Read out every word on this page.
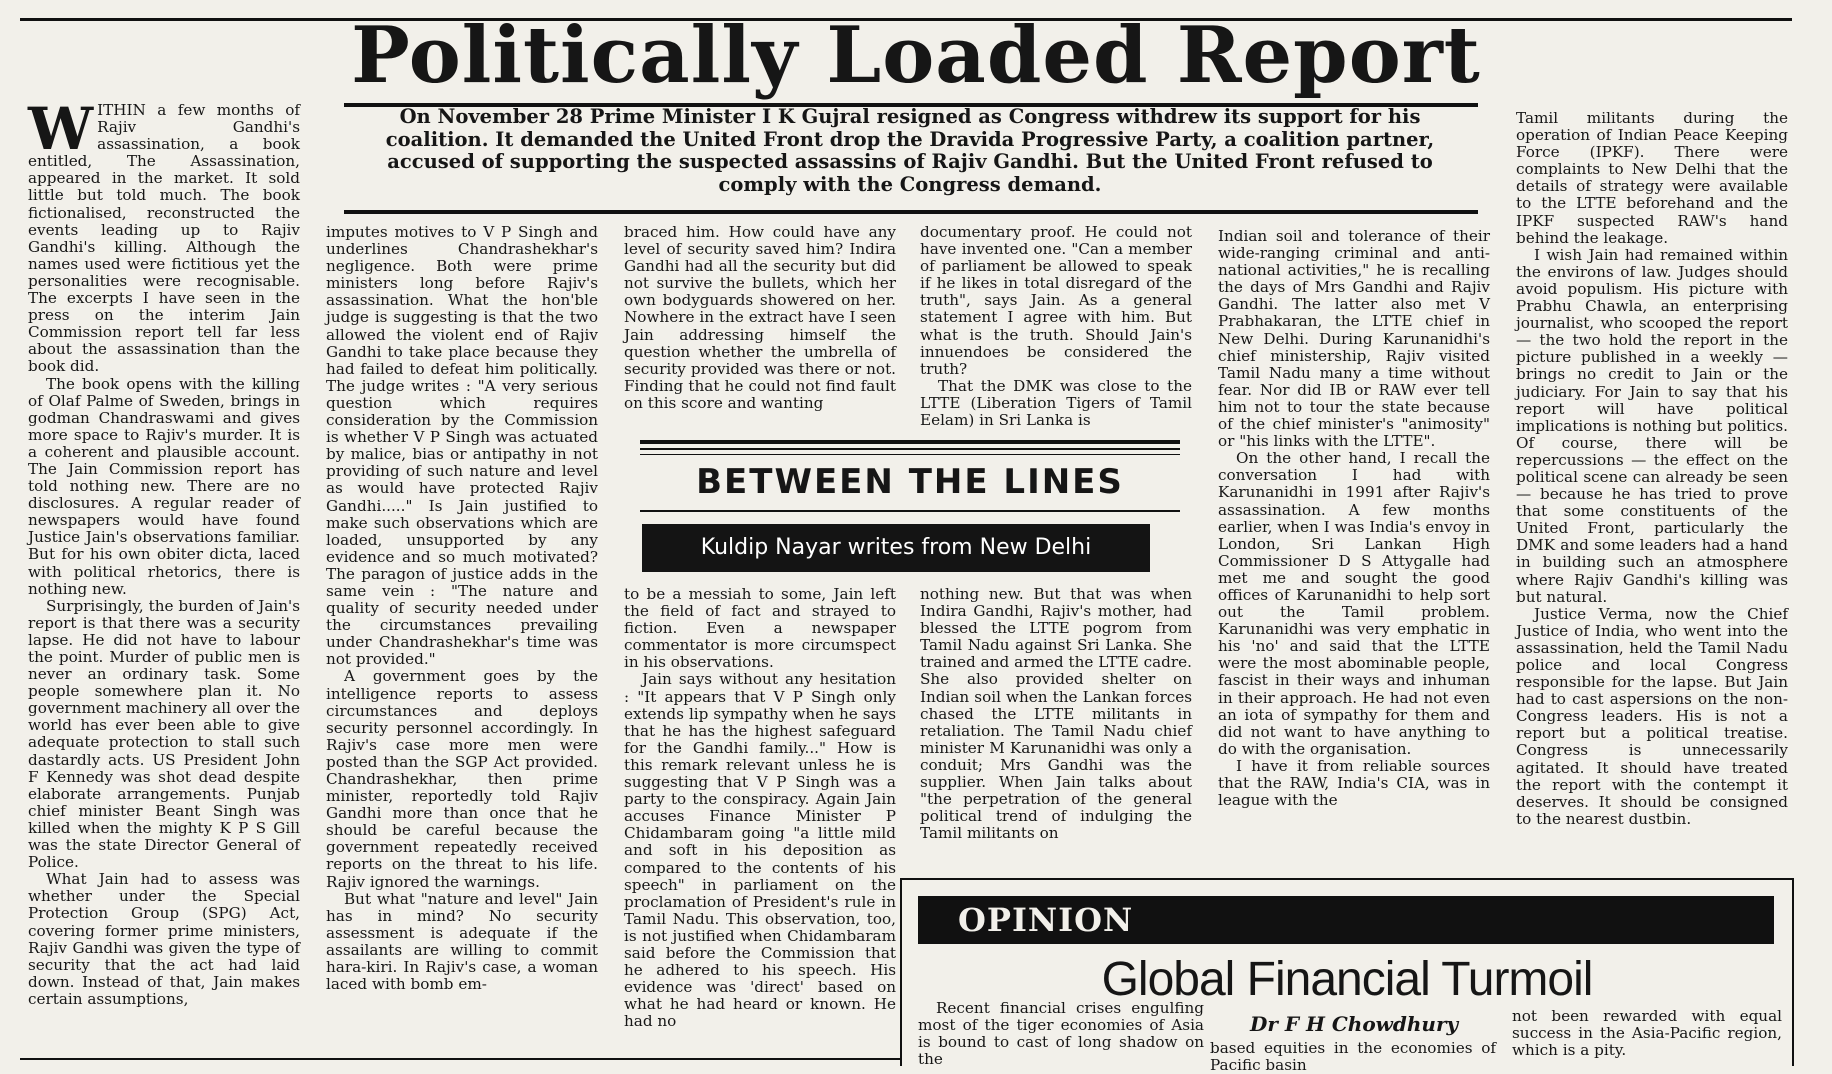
Politically Loaded Report

WITHIN a few months of Rajiv Gandhi's assassination, a book entitled, The Assassination, appeared in the market. It sold little but told much. The book fictionalised, reconstructed the events leading up to Rajiv Gandhi's killing. Although the names used were fictitious yet the personalities were recognisable. The excerpts I have seen in the press on the interim Jain Commission report tell far less about the assassination than the book did.

The book opens with the killing of Olaf Palme of Sweden, brings in godman Chandraswami and gives more space to Rajiv's murder. It is a coherent and plausible account. The Jain Commission report has told nothing new. There are no disclosures. A regular reader of newspapers would have found Justice Jain's observations familiar. But for his own obiter dicta, laced with political rhetorics, there is nothing new.

Surprisingly, the burden of Jain's report is that there was a security lapse. He did not have to labour the point. Murder of public men is never an ordinary task. Some people somewhere plan it. No government machinery all over the world has ever been able to give adequate protection to stall such dastardly acts. US President John F Kennedy was shot dead despite elaborate arrangements. Punjab chief minister Beant Singh was killed when the mighty K P S Gill was the state Director General of Police.

What Jain had to assess was whether under the Special Protection Group (SPG) Act, covering former prime ministers, Rajiv Gandhi was given the type of security that the act had laid down. Instead of that, Jain makes certain assumptions,

On November 28 Prime Minister I K Gujral resigned as Congress withdrew its support for his coalition. It demanded the United Front drop the Dravida Progressive Party, a coalition partner, accused of supporting the suspected assassins of Rajiv Gandhi. But the United Front refused to comply with the Congress demand.

imputes motives to V P Singh and underlines Chandrashekhar's negligence. Both were prime ministers long before Rajiv's assassination. What the hon'ble judge is suggesting is that the two allowed the violent end of Rajiv Gandhi to take place because they had failed to defeat him politically. The judge writes : "A very serious question which requires consideration by the Commission is whether V P Singh was actuated by malice, bias or antipathy in not providing of such nature and level as would have protected Rajiv Gandhi....." Is Jain justified to make such observations which are loaded, unsupported by any evidence and so much motivated? The paragon of justice adds in the same vein : "The nature and quality of security needed under the circumstances prevailing under Chandrashekhar's time was not provided."

A government goes by the intelligence reports to assess circumstances and deploys security personnel accordingly. In Rajiv's case more men were posted than the SGP Act provided. Chandrashekhar, then prime minister, reportedly told Rajiv Gandhi more than once that he should be careful because the government repeatedly received reports on the threat to his life. Rajiv ignored the warnings.

But what "nature and level" Jain has in mind? No security assessment is adequate if the assailants are willing to commit hara-kiri. In Rajiv's case, a woman laced with bomb em-

braced him. How could have any level of security saved him? Indira Gandhi had all the security but did not survive the bullets, which her own bodyguards showered on her. Nowhere in the extract have I seen Jain addressing himself the question whether the umbrella of security provided was there or not. Finding that he could not find fault on this score and wanting

documentary proof. He could not have invented one. "Can a member of parliament be allowed to speak if he likes in total disregard of the truth", says Jain. As a general statement I agree with him. But what is the truth. Should Jain's innuendoes be considered the truth?

That the DMK was close to the LTTE (Liberation Tigers of Tamil Eelam) in Sri Lanka is

BETWEEN THE LINES
Kuldip Nayar writes from New Delhi

to be a messiah to some, Jain left the field of fact and strayed to fiction. Even a newspaper commentator is more circumspect in his observations.

Jain says without any hesitation : "It appears that V P Singh only extends lip sympathy when he says that he has the highest safeguard for the Gandhi family..." How is this remark relevant unless he is suggesting that V P Singh was a party to the conspiracy. Again Jain accuses Finance Minister P Chidambaram going "a little mild and soft in his deposition as compared to the contents of his speech" in parliament on the proclamation of President's rule in Tamil Nadu. This observation, too, is not justified when Chidambaram said before the Commission that he adhered to his speech. His evidence was 'direct' based on what he had heard or known. He had no

nothing new. But that was when Indira Gandhi, Rajiv's mother, had blessed the LTTE pogrom from Tamil Nadu against Sri Lanka. She trained and armed the LTTE cadre. She also provided shelter on Indian soil when the Lankan forces chased the LTTE militants in retaliation. The Tamil Nadu chief minister M Karunanidhi was only a conduit; Mrs Gandhi was the supplier. When Jain talks about "the perpetration of the general political trend of indulging the Tamil militants on

Indian soil and tolerance of their wide-ranging criminal and anti-national activities," he is recalling the days of Mrs Gandhi and Rajiv Gandhi. The latter also met V Prabhakaran, the LTTE chief in New Delhi. During Karunanidhi's chief ministership, Rajiv visited Tamil Nadu many a time without fear. Nor did IB or RAW ever tell him not to tour the state because of the chief minister's "animosity" or "his links with the LTTE".

On the other hand, I recall the conversation I had with Karunanidhi in 1991 after Rajiv's assassination. A few months earlier, when I was India's envoy in London, Sri Lankan High Commissioner D S Attygalle had met me and sought the good offices of Karunanidhi to help sort out the Tamil problem. Karunanidhi was very emphatic in his 'no' and said that the LTTE were the most abominable people, fascist in their ways and inhuman in their approach. He had not even an iota of sympathy for them and did not want to have anything to do with the organisation.

I have it from reliable sources that the RAW, India's CIA, was in league with the

Tamil militants during the operation of Indian Peace Keeping Force (IPKF). There were complaints to New Delhi that the details of strategy were available to the LTTE beforehand and the IPKF suspected RAW's hand behind the leakage.

I wish Jain had remained within the environs of law. Judges should avoid populism. His picture with Prabhu Chawla, an enterprising journalist, who scooped the report — the two hold the report in the picture published in a weekly — brings no credit to Jain or the judiciary. For Jain to say that his report will have political implications is nothing but politics. Of course, there will be repercussions — the effect on the political scene can already be seen — because he has tried to prove that some constituents of the United Front, particularly the DMK and some leaders had a hand in building such an atmosphere where Rajiv Gandhi's killing was but natural.

Justice Verma, now the Chief Justice of India, who went into the assassination, held the Tamil Nadu police and local Congress responsible for the lapse. But Jain had to cast aspersions on the non-Congress leaders. His is not a report but a political treatise. Congress is unnecessarily agitated. It should have treated the report with the contempt it deserves. It should be consigned to the nearest dustbin.

OPINION
Global Financial Turmoil
Dr F H Chowdhury
Recent financial crises engulfing most of the tiger economies of Asia is bound to cast of long shadow on the
based equities in the economies of Pacific basin
not been rewarded with equal success in the Asia-Pacific region, which is a pity.
